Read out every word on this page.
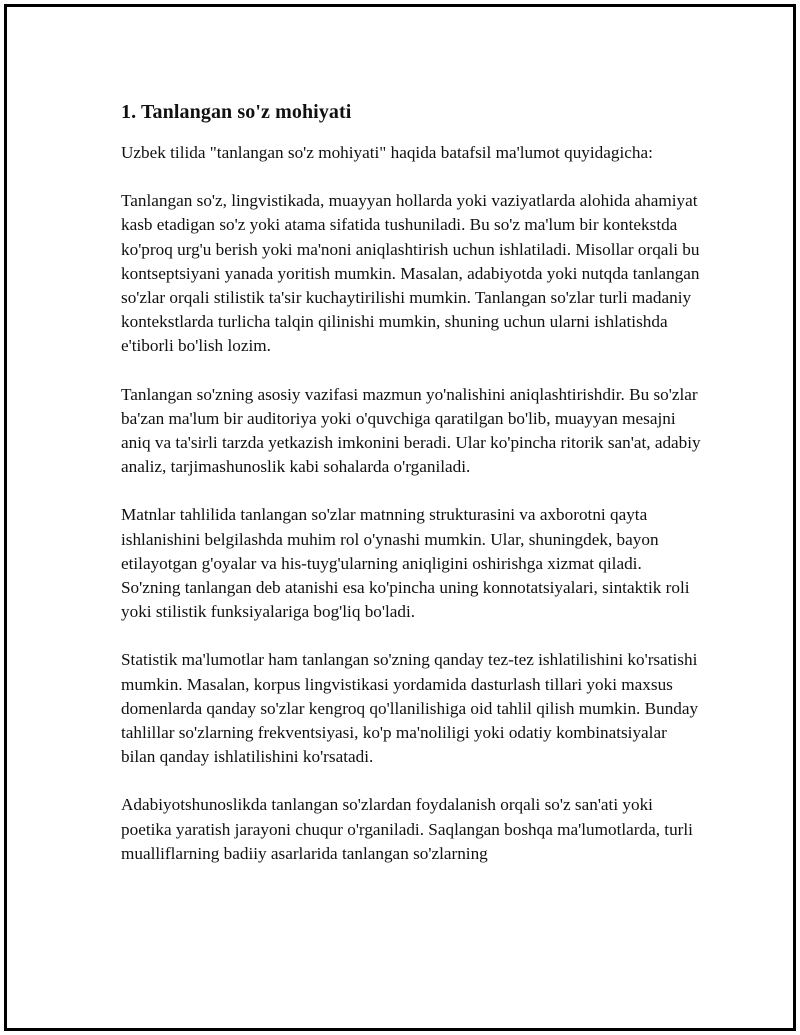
1. Tanlangan so'z mohiyati

Uzbek tilida "tanlangan so'z mohiyati" haqida batafsil ma'lumot quyidagicha:

Tanlangan so'z, lingvistikada, muayyan hollarda yoki vaziyatlarda alohida ahamiyat kasb etadigan so'z yoki atama sifatida tushuniladi. Bu so'z ma'lum bir kontekstda ko'proq urg'u berish yoki ma'noni aniqlashtirish uchun ishlatiladi. Misollar orqali bu kontseptsiyani yanada yoritish mumkin. Masalan, adabiyotda yoki nutqda tanlangan so'zlar orqali stilistik ta'sir kuchaytirilishi mumkin. Tanlangan so'zlar turli madaniy kontekstlarda turlicha talqin qilinishi mumkin, shuning uchun ularni ishlatishda e'tiborli bo'lish lozim.

Tanlangan so'zning asosiy vazifasi mazmun yo'nalishini aniqlashtirishdir. Bu so'zlar ba'zan ma'lum bir auditoriya yoki o'quvchiga qaratilgan bo'lib, muayyan mesajni aniq va ta'sirli tarzda yetkazish imkonini beradi. Ular ko'pincha ritorik san'at, adabiy analiz, tarjimashunoslik kabi sohalarda o'rganiladi.

Matnlar tahlilida tanlangan so'zlar matnning strukturasini va axborotni qayta ishlanishini belgilashda muhim rol o'ynashi mumkin. Ular, shuningdek, bayon etilayotgan g'oyalar va his-tuyg'ularning aniqligini oshirishga xizmat qiladi. So'zning tanlangan deb atanishi esa ko'pincha uning konnotatsiyalari, sintaktik roli yoki stilistik funksiyalariga bog'liq bo'ladi.

Statistik ma'lumotlar ham tanlangan so'zning qanday tez-tez ishlatilishini ko'rsatishi mumkin. Masalan, korpus lingvistikasi yordamida dasturlash tillari yoki maxsus domenlarda qanday so'zlar kengroq qo'llanilishiga oid tahlil qilish mumkin. Bunday tahlillar so'zlarning frekventsiyasi, ko'p ma'noliligi yoki odatiy kombinatsiyalar bilan qanday ishlatilishini ko'rsatadi.

Adabiyotshunoslikda tanlangan so'zlardan foydalanish orqali so'z san'ati yoki poetika yaratish jarayoni chuqur o'rganiladi. Saqlangan boshqa ma'lumotlarda, turli mualliflarning badiiy asarlarida tanlangan so'zlarning
